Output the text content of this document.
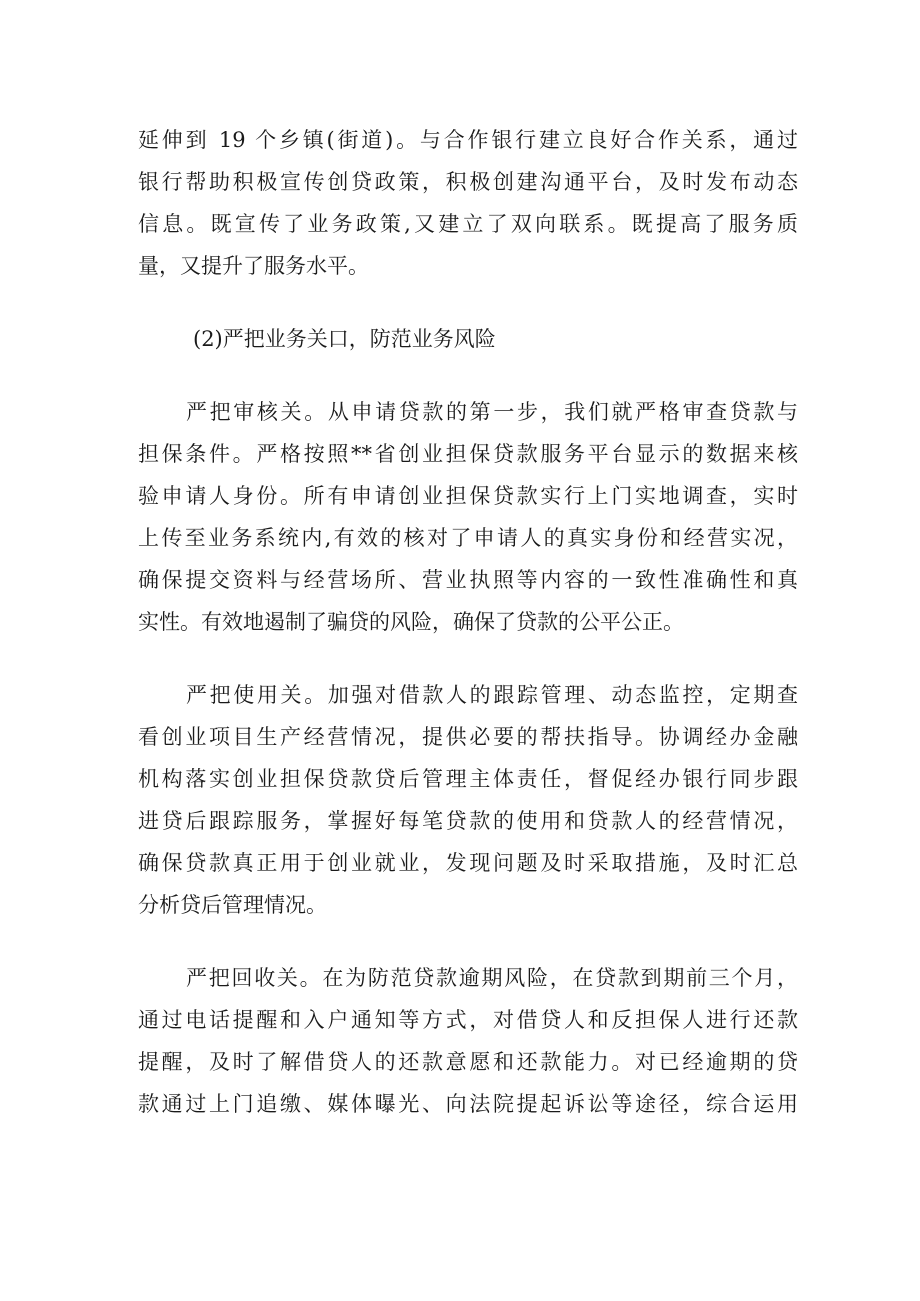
延伸到 19 个乡镇(街道)。与合作银行建立良好合作关系，通过
银行帮助积极宣传创贷政策，积极创建沟通平台，及时发布动态
信息。既宣传了业务政策,又建立了双向联系。既提高了服务质
量，又提升了服务水平。
(2)严把业务关口，防范业务风险
严把审核关。从申请贷款的第一步，我们就严格审查贷款与
担保条件。严格按照**省创业担保贷款服务平台显示的数据来核
验申请人身份。所有申请创业担保贷款实行上门实地调查，实时
上传至业务系统内,有效的核对了申请人的真实身份和经营实况，
确保提交资料与经营场所、营业执照等内容的一致性准确性和真
实性。有效地遏制了骗贷的风险，确保了贷款的公平公正。
严把使用关。加强对借款人的跟踪管理、动态监控，定期查
看创业项目生产经营情况，提供必要的帮扶指导。协调经办金融
机构落实创业担保贷款贷后管理主体责任，督促经办银行同步跟
进贷后跟踪服务，掌握好每笔贷款的使用和贷款人的经营情况，
确保贷款真正用于创业就业，发现问题及时采取措施，及时汇总
分析贷后管理情况。
严把回收关。在为防范贷款逾期风险，在贷款到期前三个月，
通过电话提醒和入户通知等方式，对借贷人和反担保人进行还款
提醒，及时了解借贷人的还款意愿和还款能力。对已经逾期的贷
款通过上门追缴、媒体曝光、向法院提起诉讼等途径，综合运用
